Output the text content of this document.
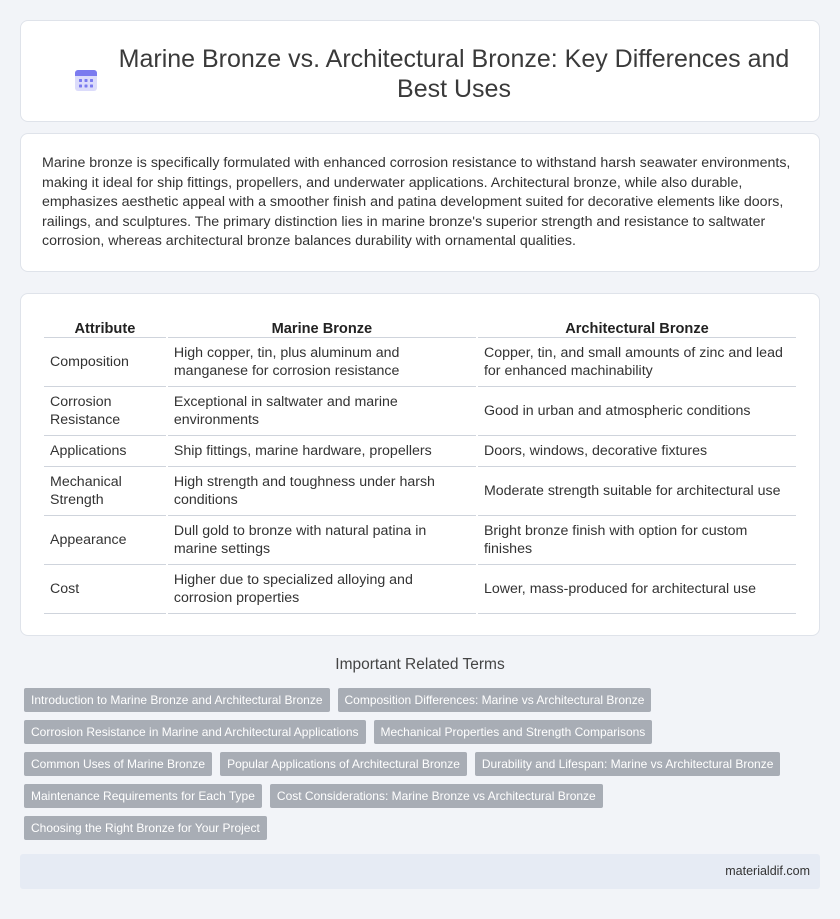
Marine Bronze vs. Architectural Bronze: Key Differences and Best Uses

Marine bronze is specifically formulated with enhanced corrosion resistance to withstand harsh seawater environments, making it ideal for ship fittings, propellers, and underwater applications. Architectural bronze, while also durable, emphasizes aesthetic appeal with a smoother finish and patina development suited for decorative elements like doors, railings, and sculptures. The primary distinction lies in marine bronze's superior strength and resistance to saltwater corrosion, whereas architectural bronze balances durability with ornamental qualities.

Attribute	Marine Bronze	Architectural Bronze
Composition	High copper, tin, plus aluminum and manganese for corrosion resistance	Copper, tin, and small amounts of zinc and lead for enhanced machinability
Corrosion Resistance	Exceptional in saltwater and marine environments	Good in urban and atmospheric conditions
Applications	Ship fittings, marine hardware, propellers	Doors, windows, decorative fixtures
Mechanical Strength	High strength and toughness under harsh conditions	Moderate strength suitable for architectural use
Appearance	Dull gold to bronze with natural patina in marine settings	Bright bronze finish with option for custom finishes
Cost	Higher due to specialized alloying and corrosion properties	Lower, mass-produced for architectural use
Important Related Terms
Introduction to Marine Bronze and Architectural Bronze	Composition Differences: Marine vs Architectural Bronze
Corrosion Resistance in Marine and Architectural Applications	Mechanical Properties and Strength Comparisons
Common Uses of Marine Bronze	Popular Applications of Architectural Bronze	Durability and Lifespan: Marine vs Architectural Bronze
Maintenance Requirements for Each Type	Cost Considerations: Marine Bronze vs Architectural Bronze
Choosing the Right Bronze for Your Project
materialdif.com
